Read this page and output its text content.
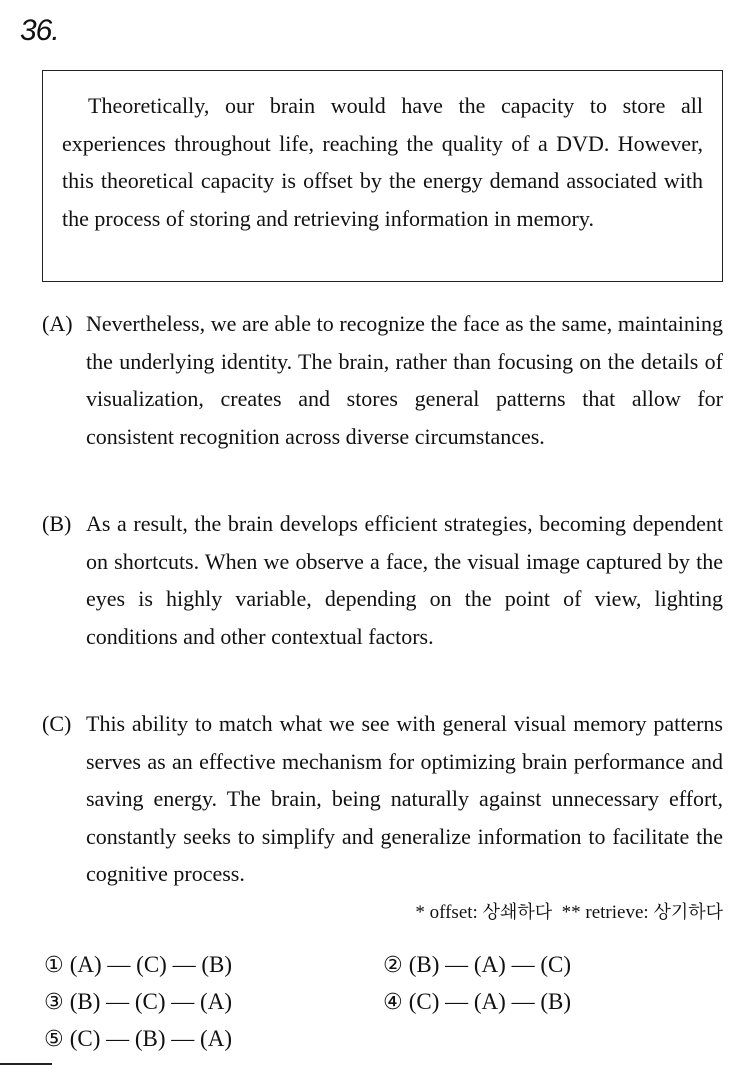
36.

Theoretically, our brain would have the capacity to store all experiences throughout life, reaching the quality of a DVD. However, this theoretical capacity is offset by the energy demand associated with the process of storing and retrieving information in memory.

(A) Nevertheless, we are able to recognize the face as the same, maintaining the underlying identity. The brain, rather than focusing on the details of visualization, creates and stores general patterns that allow for consistent recognition across diverse circumstances.
(B) As a result, the brain develops efficient strategies, becoming dependent on shortcuts. When we observe a face, the visual image captured by the eyes is highly variable, depending on the point of view, lighting conditions and other contextual factors.
(C) This ability to match what we see with general visual memory patterns serves as an effective mechanism for optimizing brain performance and saving energy. The brain, being naturally against unnecessary effort, constantly seeks to simplify and generalize information to facilitate the cognitive process.
* offset: 상쇄하다 ** retrieve: 상기하다
① (A) — (C) — (B)	② (B) — (A) — (C)
③ (B) — (C) — (A)	④ (C) — (A) — (B)
⑤ (C) — (B) — (A)
